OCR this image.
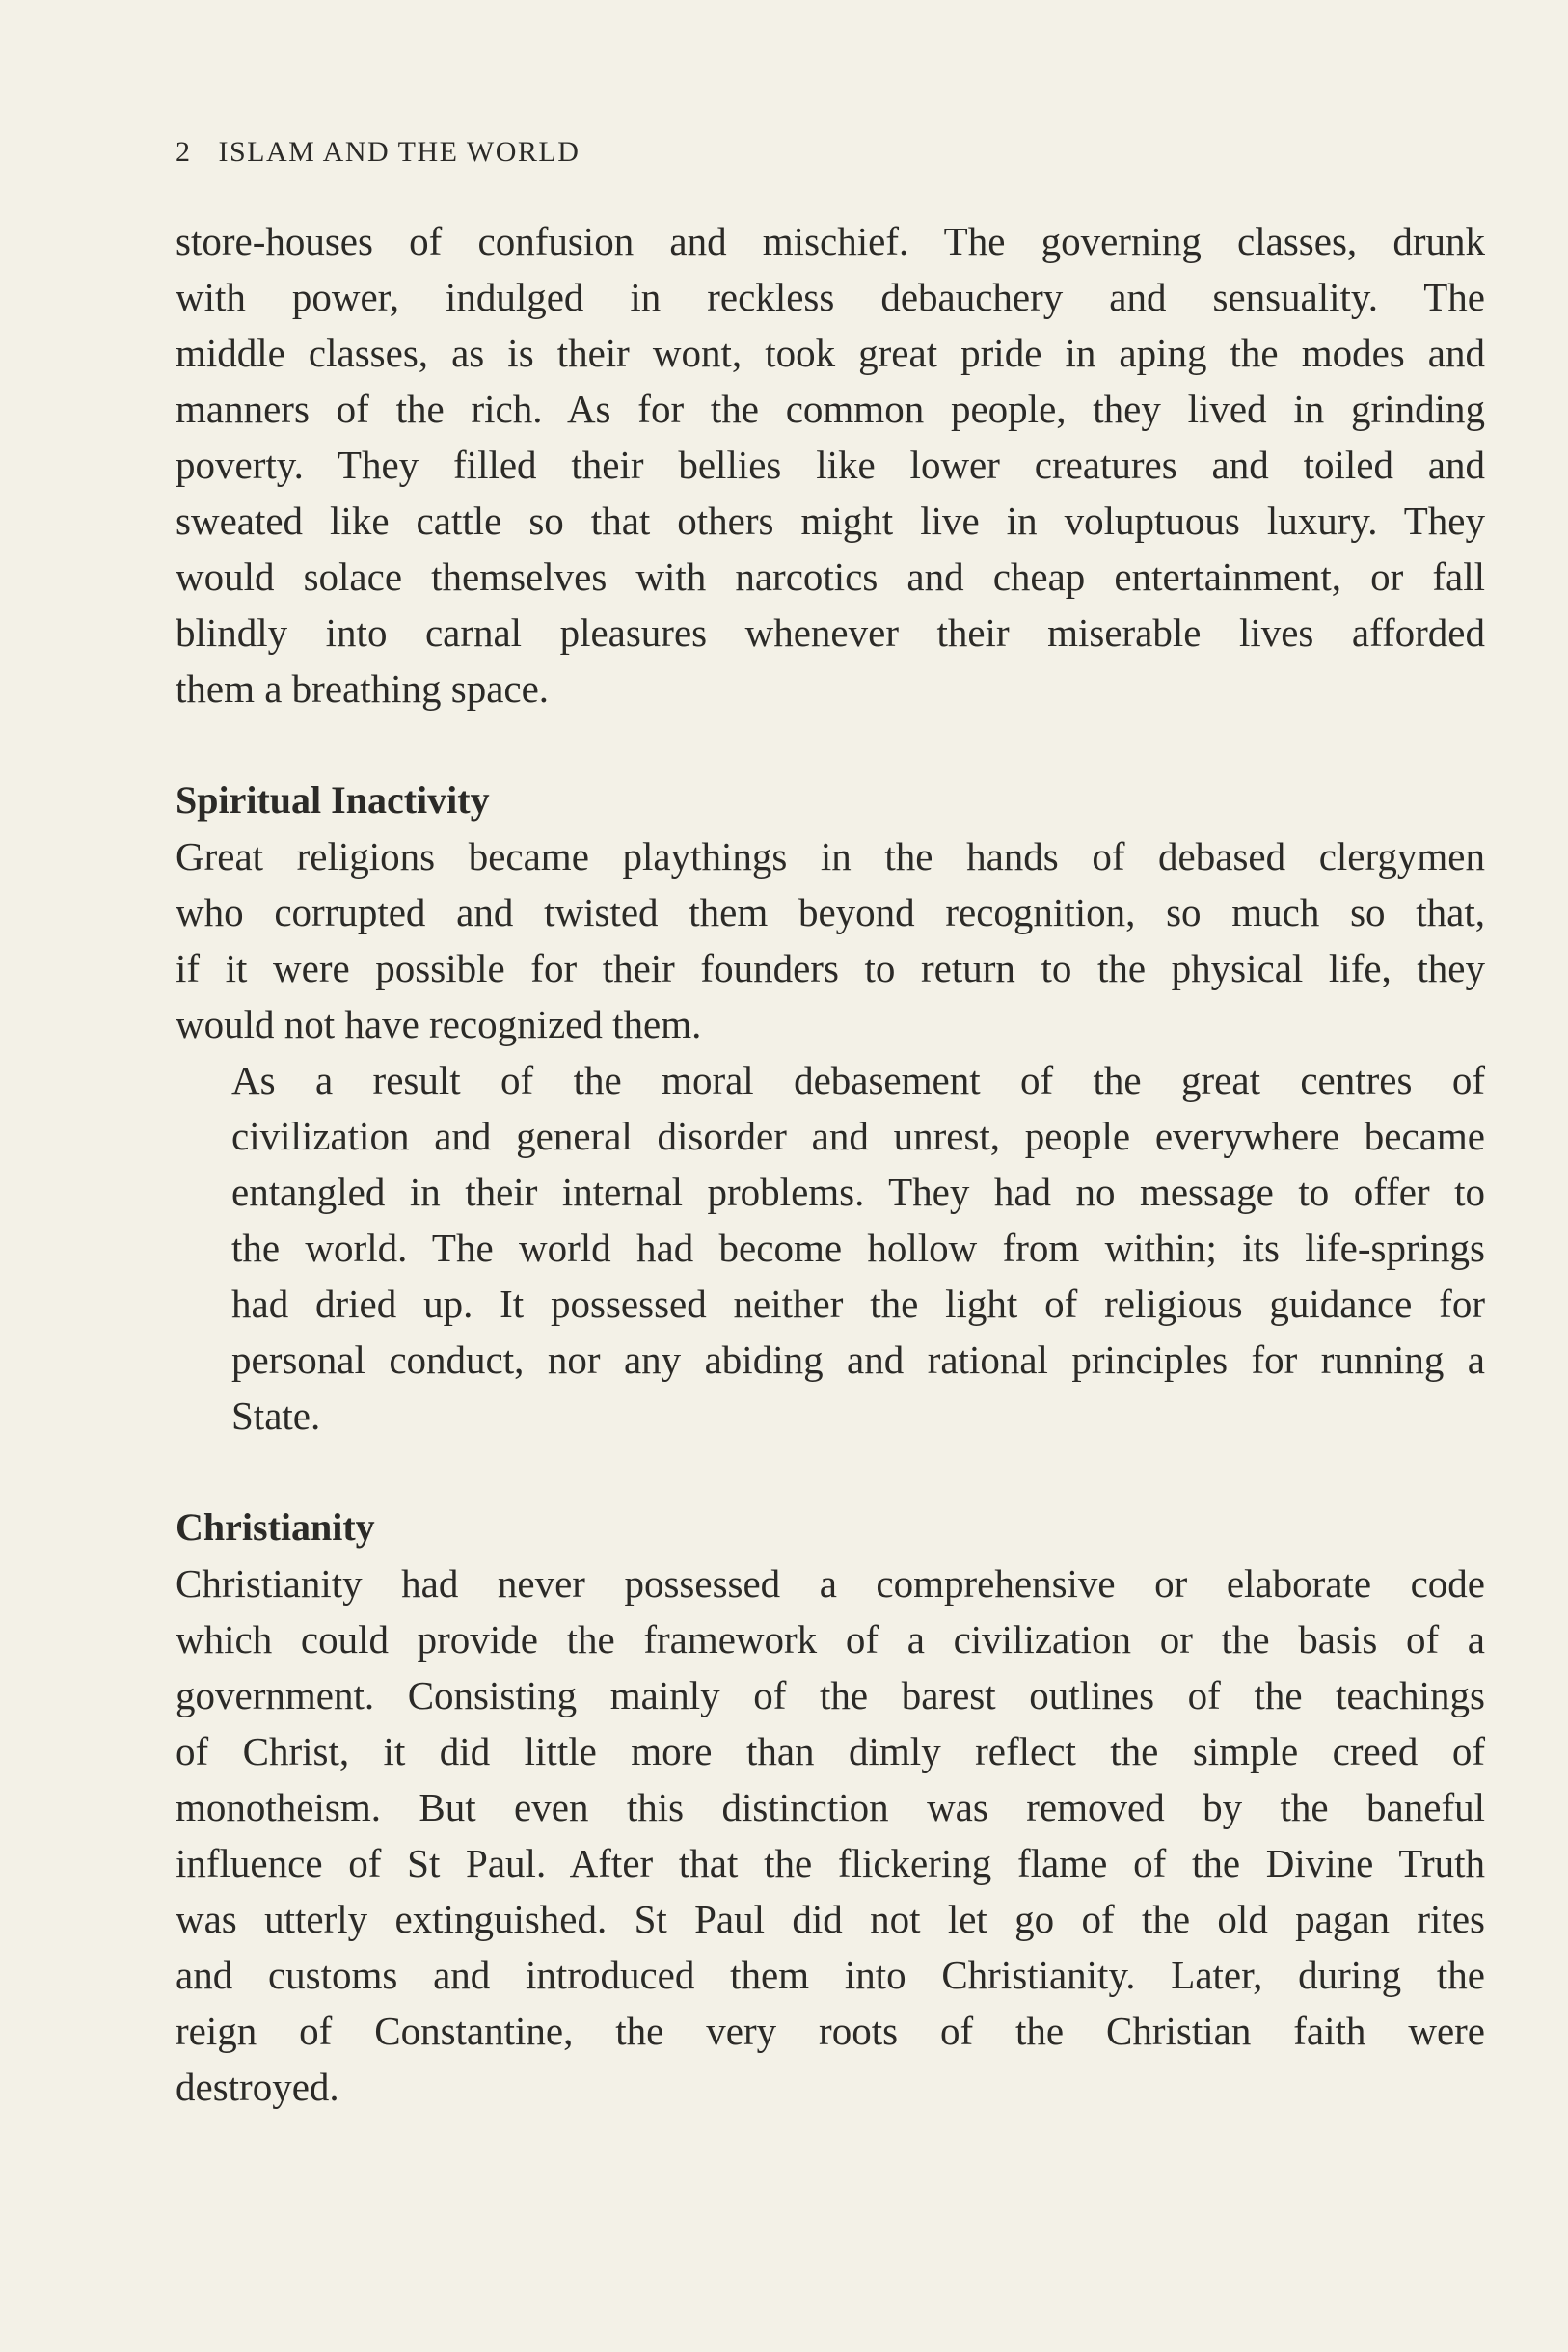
2 ISLAM AND THE WORLD

store-houses of confusion and mischief. The governing classes, drunk
with power, indulged in reckless debauchery and sensuality. The
middle classes, as is their wont, took great pride in aping the modes and
manners of the rich. As for the common people, they lived in grinding
poverty. They filled their bellies like lower creatures and toiled and
sweated like cattle so that others might live in voluptuous luxury. They
would solace themselves with narcotics and cheap entertainment, or fall
blindly into carnal pleasures whenever their miserable lives afforded
them a breathing space.

Spiritual Inactivity

Great religions became playthings in the hands of debased clergymen
who corrupted and twisted them beyond recognition, so much so that,
if it were possible for their founders to return to the physical life, they
would not have recognized them.

As a result of the moral debasement of the great centres of
civilization and general disorder and unrest, people everywhere became
entangled in their internal problems. They had no message to offer to
the world. The world had become hollow from within; its life-springs
had dried up. It possessed neither the light of religious guidance for
personal conduct, nor any abiding and rational principles for running a
State.

Christianity

Christianity had never possessed a comprehensive or elaborate code
which could provide the framework of a civilization or the basis of a
government. Consisting mainly of the barest outlines of the teachings
of Christ, it did little more than dimly reflect the simple creed of
monotheism. But even this distinction was removed by the baneful
influence of St Paul. After that the flickering flame of the Divine Truth
was utterly extinguished. St Paul did not let go of the old pagan rites
and customs and introduced them into Christianity. Later, during the
reign of Constantine, the very roots of the Christian faith were
destroyed.
